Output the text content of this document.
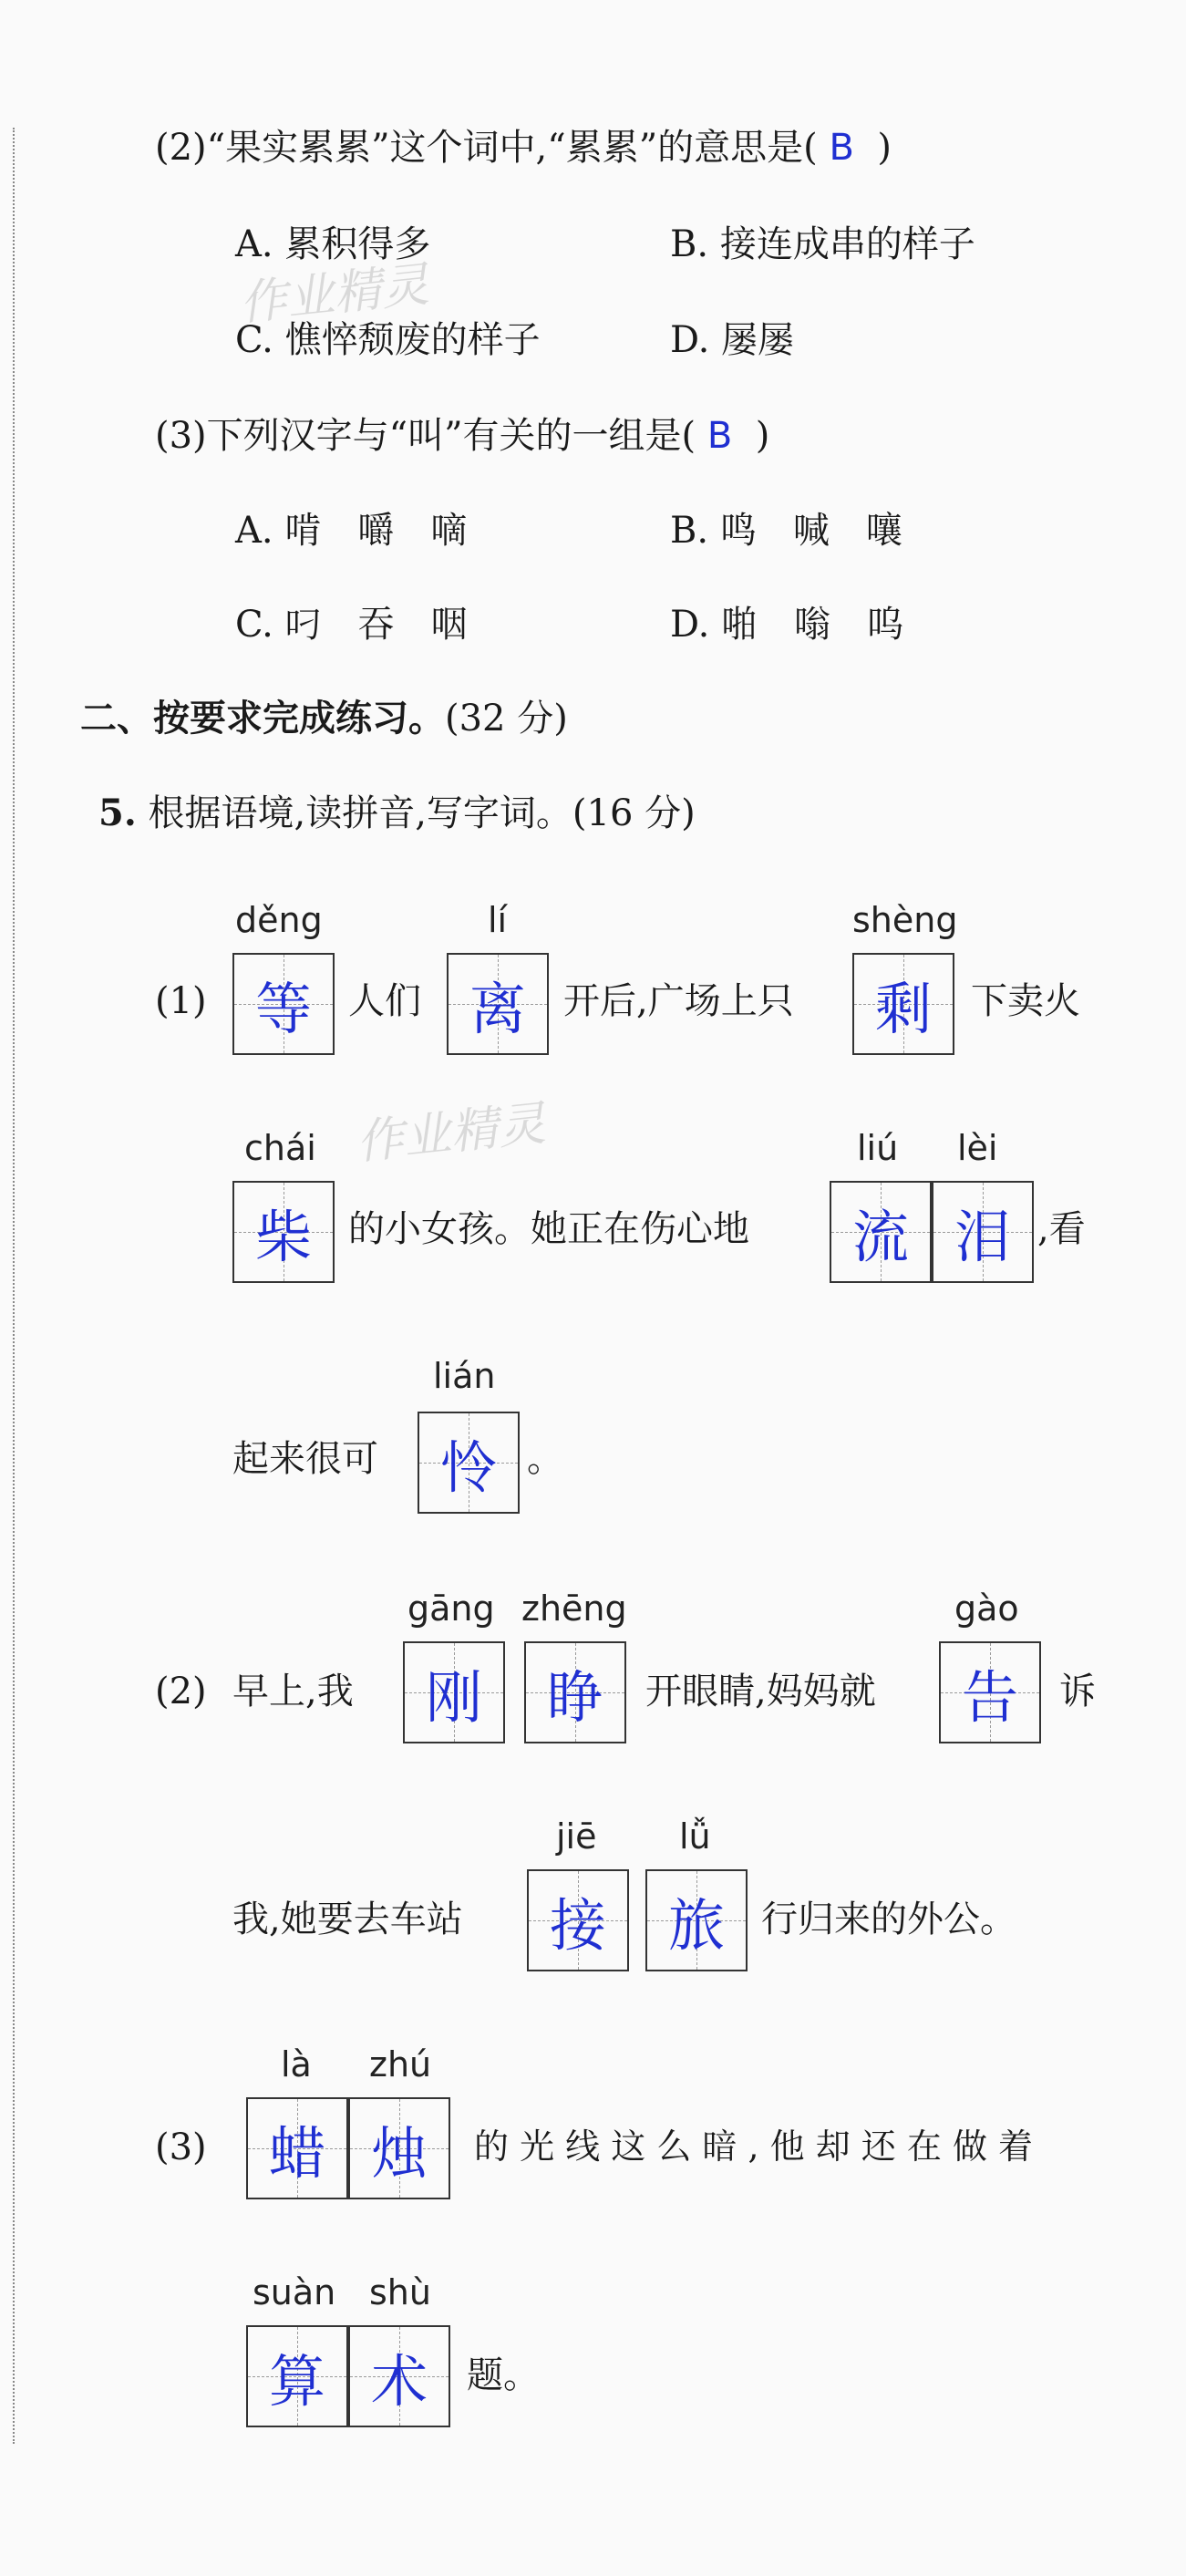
作业精灵
作业精灵
(2)“果实累累”这个词中,“累累”的意思是( B )
A. 累积得多	B. 接连成串的样子
C. 憔悴颓废的样子	D. 屡屡
(3)下列汉字与“叫”有关的一组是( B )
A. 啃　嚼　嘀	B. 鸣　喊　嚷
C. 叼　吞　咽	D. 啪　嗡　呜
二、按要求完成练习。(32 分)
5. 根据语境,读拼音,写字词。(16 分)
(1)
děng
等	人们
lí
离	开后,广场上只
shèng
剩	下卖火
chái
柴	的小女孩。她正在伤心地
liú lèi
流 泪 ,看
起来很可
lián
怜 。
(2) 早上,我
gāng zhēng
刚	睁	开眼睛,妈妈就
gào
告	诉
我,她要去车站
jiē
接
lǚ
旅	行归来的外公。
(3)
là zhú
蜡 烛	的 光 线 这 么 暗 , 他 却 还 在 做 着
suàn shù
算 术	题。
